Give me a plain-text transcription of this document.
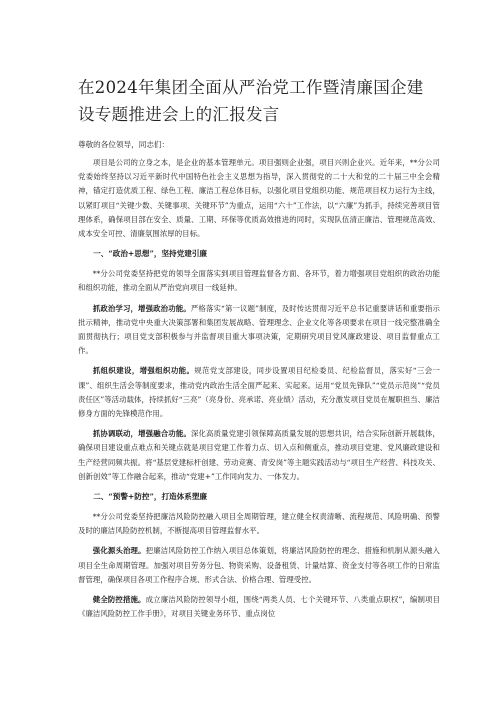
在2024年集团全面从严治党工作暨清廉国企建设专题推进会上的汇报发言

尊敬的各位领导，同志们：

项目是公司的立身之本，是企业的基本管理单元。项目强则企业强，项目兴则企业兴。近年来，**分公司党委始终坚持以习近平新时代中国特色社会主义思想为指导，深入贯彻党的二十大和党的二十届三中全会精神，锚定打造优质工程、绿色工程、廉洁工程总体目标，以强化项目党组织功能、规范项目权力运行为主线，以紧盯项目“关键少数、关键事项、关键环节”为重点，运用“六十”工作法，以“六廉”为抓手，持续完善项目管理体系，确保项目部在安全、质量、工期、环保等优质高效推进的同时，实现队伍清正廉洁、管理规范高效、成本安全可控、清廉氛围浓厚的目标。

一、“政治+思想”，坚持党建引廉

**分公司党委坚持把党的领导全面落实到项目管理监督各方面、各环节，着力增强项目党组织的政治功能和组织功能，推动全面从严治党向项目一线延伸。

抓政治学习，增强政治功能。严格落实“第一议题”制度，及时传达贯彻习近平总书记重要讲话和重要指示批示精神，推动党中央重大决策部署和集团发展战略、管理理念、企业文化等各项要求在项目一线完整准确全面贯彻执行；项目党支部积极参与并监督项目重大事项决策，定期研究项目党风廉政建设、项目监督重点工作。

抓组织建设，增强组织功能。规范党支部建设，同步设置项目纪检委员、纪检监督员，落实好“三会一课”、组织生活会等制度要求，推动党内政治生活全面严起来、实起来。运用“党员先锋队”“党员示范岗”“党员责任区”等活动载体，持续抓好“三亮”（亮身份、亮承诺、亮业绩）活动，充分激发项目党员在履职担当、廉洁修身方面的先锋模范作用。

抓协调联动，增强融合功能。深化高质量党建引领保障高质量发展的思想共识，结合实际创新开展载体，确保项目建设重点难点和关键点就是项目党建工作着力点、切入点和侧重点，推动项目党建、党风廉政建设和生产经营同频共振。将“基层党建标杆创建、劳动竞赛、青安岗”等主题实践活动与“项目生产经营、科技攻关、创新创效”等工作融合起来，推动“党建+”工作同向发力、一体发力。

二、“预警+防控”，打造体系塑廉

**分公司党委坚持把廉洁风险防控融入项目全周期管理，建立健全权责清晰、流程规范、风险明确、预警及时的廉洁风险防控机制，不断提高项目管理监督水平。

强化源头治理。把廉洁风险防控工作纳入项目总体策划，将廉洁风险防控的理念、措施和机制从源头融入项目全生命周期管理。加强对项目劳务分包、物资采购、设备租赁、计量结算、资金支付等各项工作的日常监督管理，确保项目各项工作程序合规、形式合法、价格合理、管理受控。

健全防控措施。成立廉洁风险防控领导小组，围绕“两类人员、七个关键环节、八类重点职权”，编制项目《廉洁风险防控工作手册》，对项目关键业务环节、重点岗位
